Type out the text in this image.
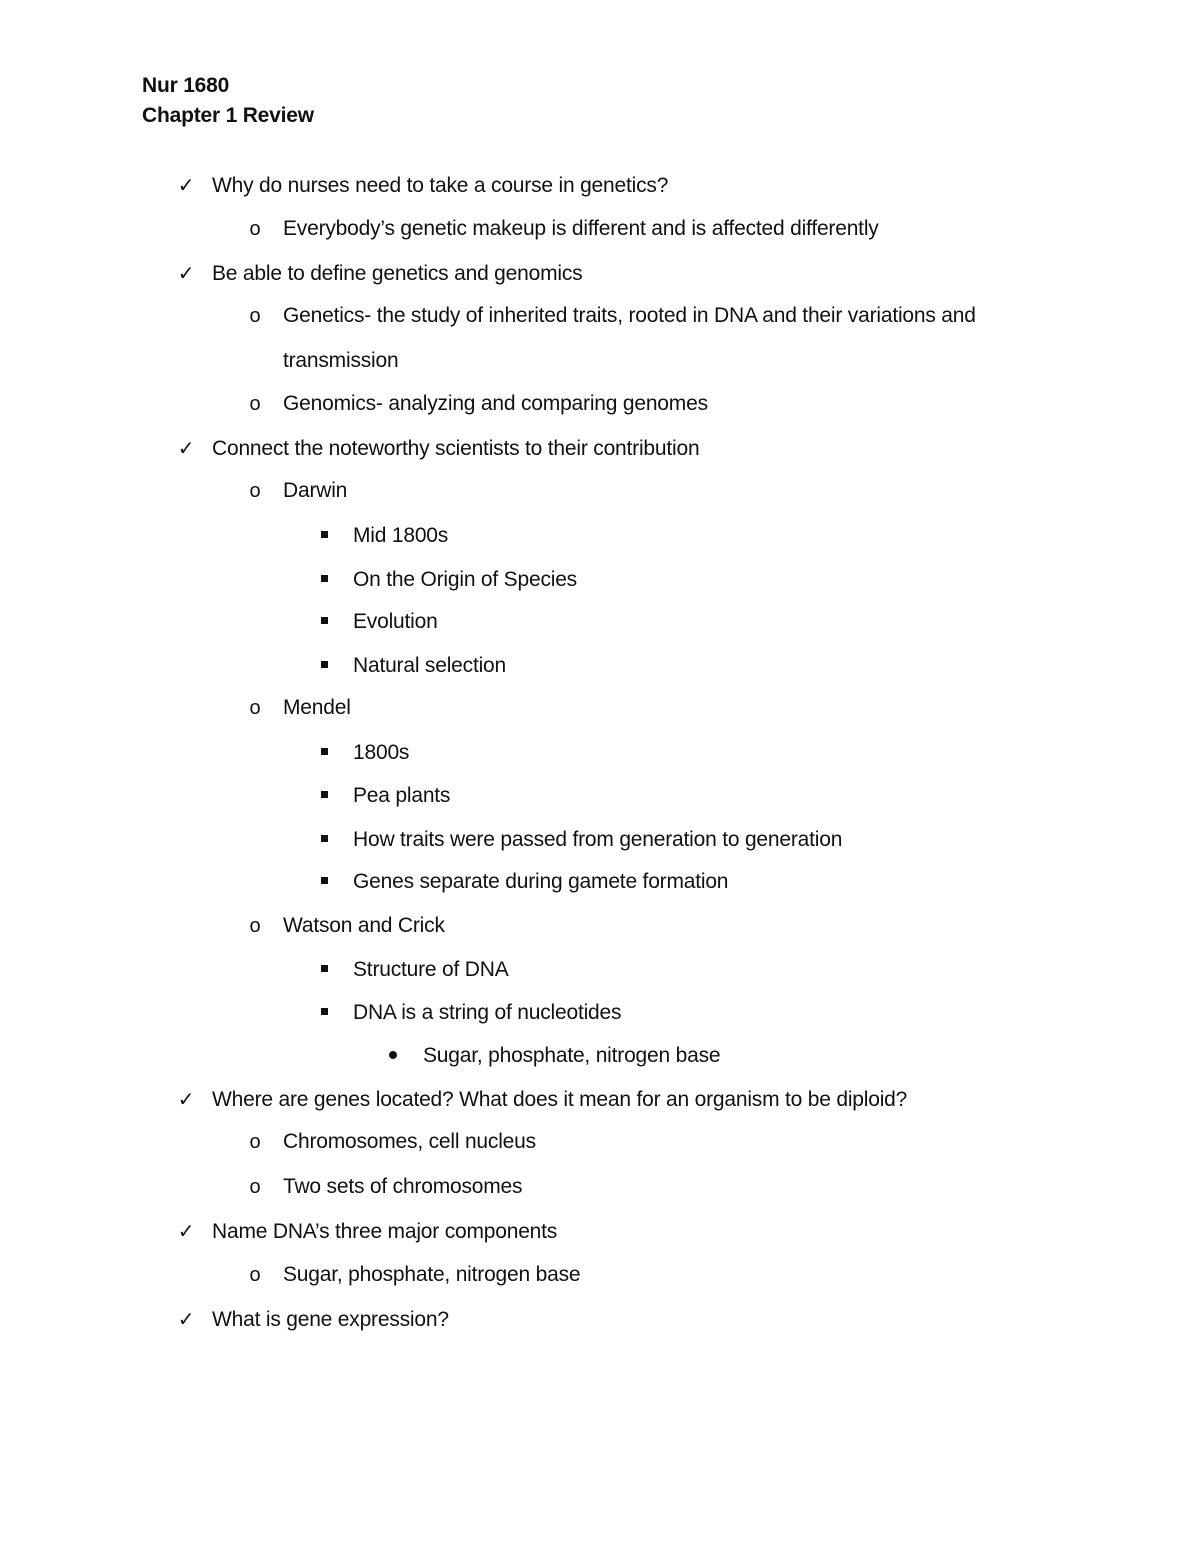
Nur 1680
Chapter 1 Review
✓ Why do nurses need to take a course in genetics?
o	Everybody’s genetic makeup is different and is affected differently
✓ Be able to define genetics and genomics
o	Genetics- the study of inherited traits, rooted in DNA and their variations and
transmission
o	Genomics- analyzing and comparing genomes
✓ Connect the noteworthy scientists to their contribution
o	Darwin
Mid 1800s
On the Origin of Species
Evolution
Natural selection
o	Mendel
1800s
Pea plants
How traits were passed from generation to generation
Genes separate during gamete formation
o	Watson and Crick
Structure of DNA
DNA is a string of nucleotides
Sugar, phosphate, nitrogen base
✓ Where are genes located? What does it mean for an organism to be diploid?
o	Chromosomes, cell nucleus
o	Two sets of chromosomes
✓ Name DNA’s three major components
o	Sugar, phosphate, nitrogen base
✓ What is gene expression?
